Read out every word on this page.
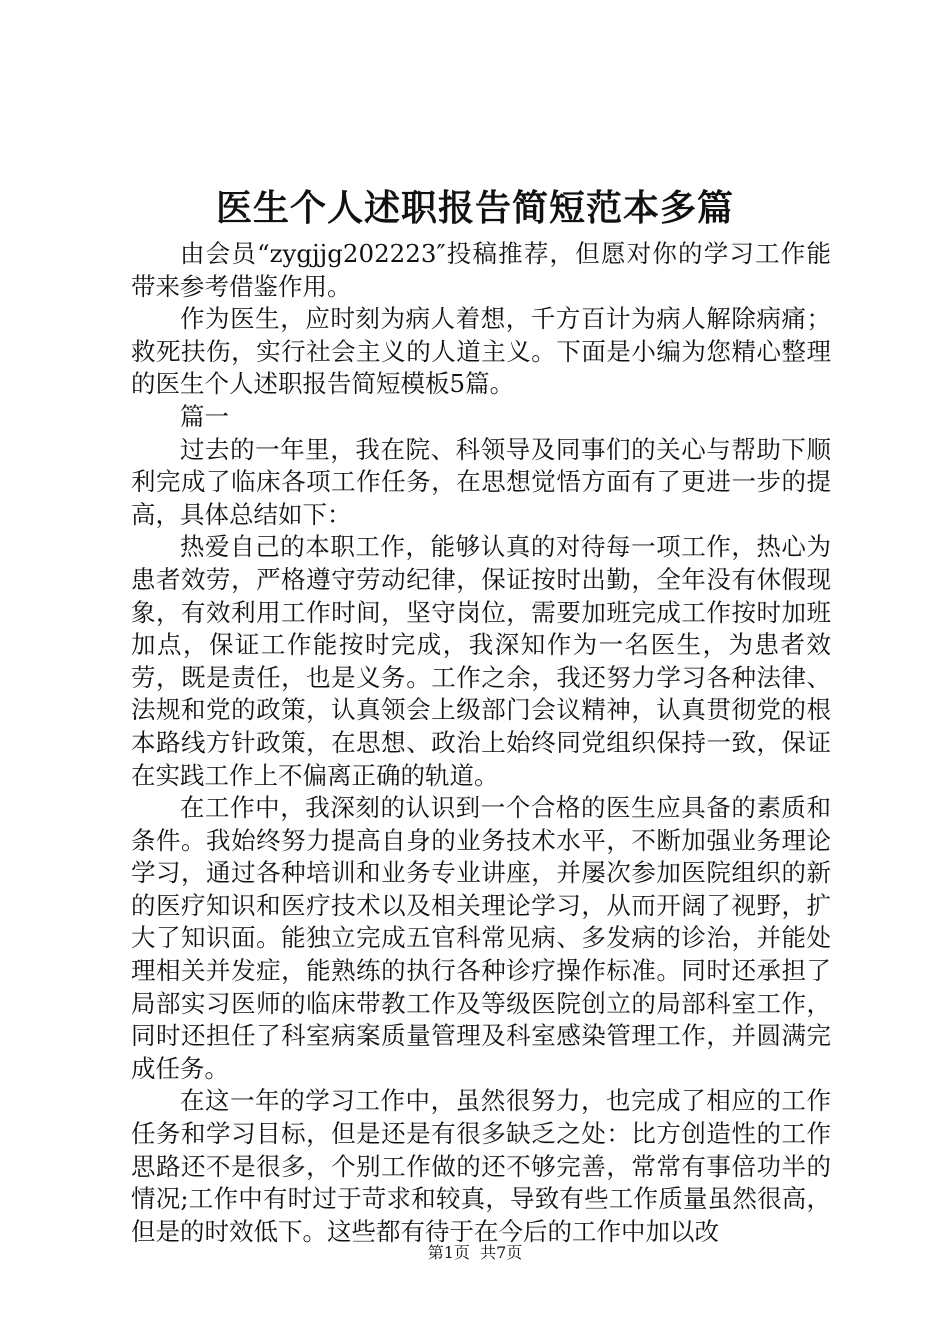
医生个人述职报告简短范本多篇

由会员“zygjjg202223″投稿推荐，但愿对你的学习工作能带来参考借鉴作用。

作为医生，应时刻为病人着想，千方百计为病人解除病痛；救死扶伤，实行社会主义的人道主义。下面是小编为您精心整理的医生个人述职报告简短模板5篇。

篇一

过去的一年里，我在院、科领导及同事们的关心与帮助下顺利完成了临床各项工作任务，在思想觉悟方面有了更进一步的提高，具体总结如下：

热爱自己的本职工作，能够认真的对待每一项工作，热心为患者效劳，严格遵守劳动纪律，保证按时出勤，全年没有休假现象，有效利用工作时间，坚守岗位，需要加班完成工作按时加班加点，保证工作能按时完成，我深知作为一名医生，为患者效劳，既是责任，也是义务。工作之余，我还努力学习各种法律、法规和党的政策，认真领会上级部门会议精神，认真贯彻党的根本路线方针政策，在思想、政治上始终同党组织保持一致，保证在实践工作上不偏离正确的轨道。

在工作中，我深刻的认识到一个合格的医生应具备的素质和条件。我始终努力提高自身的业务技术水平，不断加强业务理论学习，通过各种培训和业务专业讲座，并屡次参加医院组织的新的医疗知识和医疗技术以及相关理论学习，从而开阔了视野，扩大了知识面。能独立完成五官科常见病、多发病的诊治，并能处理相关并发症，能熟练的执行各种诊疗操作标准。同时还承担了局部实习医师的临床带教工作及等级医院创立的局部科室工作，同时还担任了科室病案质量管理及科室感染管理工作，并圆满完成任务。

在这一年的学习工作中，虽然很努力，也完成了相应的工作任务和学习目标，但是还是有很多缺乏之处：比方创造性的工作思路还不是很多，个别工作做的还不够完善，常常有事倍功半的情况;工作中有时过于苛求和较真，导致有些工作质量虽然很高，但是的时效低下。这些都有待于在今后的工作中加以改

第1页  共7页
